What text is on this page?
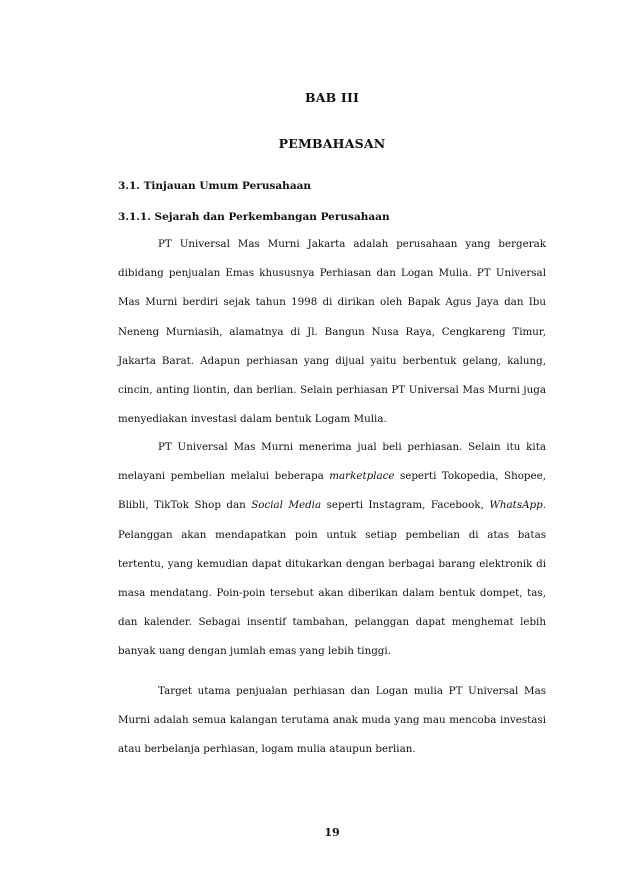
BAB III
PEMBAHASAN
3.1. Tinjauan Umum Perusahaan
3.1.1. Sejarah dan Perkembangan Perusahaan

PT Universal Mas Murni Jakarta adalah perusahaan yang bergerak dibidang penjualan Emas khususnya Perhiasan dan Logan Mulia. PT Universal Mas Murni berdiri sejak tahun 1998 di dirikan oleh Bapak Agus Jaya dan Ibu Neneng Murniasih, alamatnya di Jl. Bangun Nusa Raya, Cengkareng Timur, Jakarta Barat. Adapun perhiasan yang dijual yaitu berbentuk gelang, kalung, cincin, anting liontin, dan berlian. Selain perhiasan PT Universal Mas Murni juga menyediakan investasi dalam bentuk Logam Mulia.

PT Universal Mas Murni menerima jual beli perhiasan. Selain itu kita melayani pembelian melalui beberapa marketplace seperti Tokopedia, Shopee, Blibli, TikTok Shop dan Social Media seperti Instagram, Facebook, WhatsApp. Pelanggan akan mendapatkan poin untuk setiap pembelian di atas batas tertentu, yang kemudian dapat ditukarkan dengan berbagai barang elektronik di masa mendatang. Poin-poin tersebut akan diberikan dalam bentuk dompet, tas, dan kalender. Sebagai insentif tambahan, pelanggan dapat menghemat lebih banyak uang dengan jumlah emas yang lebih tinggi.

Target utama penjualan perhiasan dan Logan mulia PT Universal Mas Murni adalah semua kalangan terutama anak muda yang mau mencoba investasi atau berbelanja perhiasan, logam mulia ataupun berlian.

19
